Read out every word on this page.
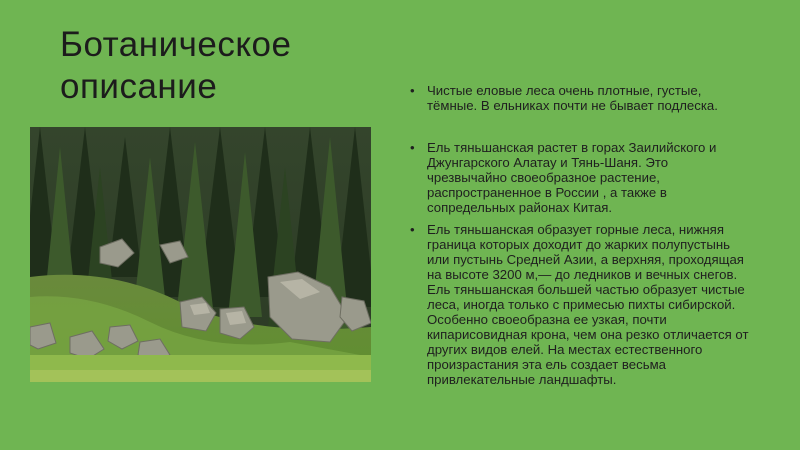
Ботаническое
описание	• Чистые еловые леса очень плотные, густые, тёмные. В ельниках почти не бывает подлеска.
• Ель тяньшанская растет в горах Заилийского и Джунгарского Алатау и Тянь-Шаня. Это чрезвычайно своеобразное растение, распространенное в России , а также в сопредельных районах Китая.
• Ель тяньшанская образует горные леса, нижняя граница которых доходит до жарких полупустынь или пустынь Средней Азии, а верхняя, проходящая на высоте 3200 м,— до ледников и вечных снегов. Ель тяньшанская большей частью образует чистые леса, иногда только с примесью пихты сибирской. Особенно своеобразна ее узкая, почти кипарисовидная крона, чем она резко отличается от других видов елей. На местах естественного произрастания эта ель создает весьма привлекательные ландшафты.
